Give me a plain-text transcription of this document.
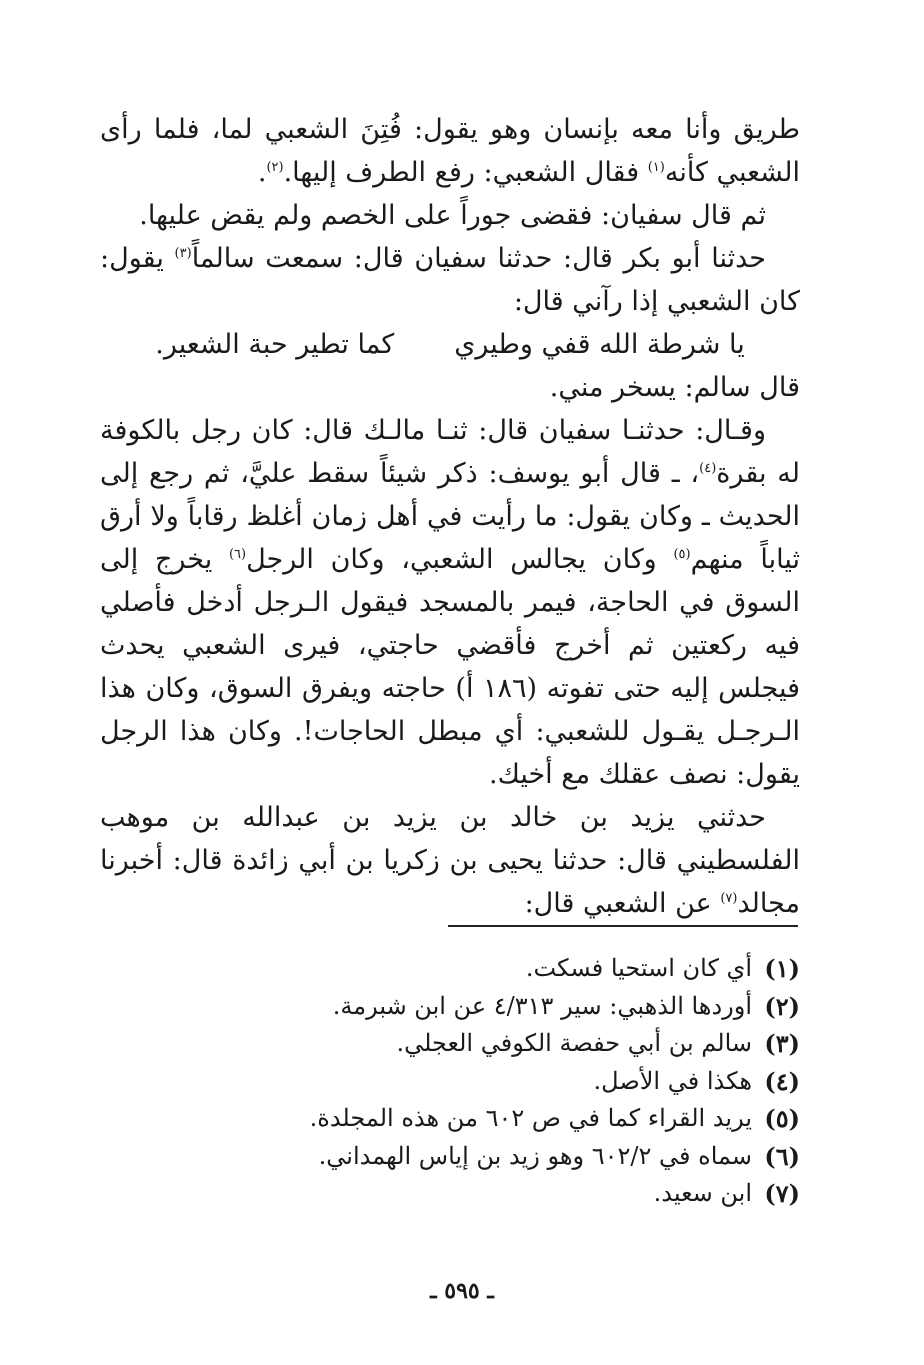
طريق وأنا معه بإنسان وهو يقول: فُتِنَ الشعبي لما، فلما رأى الشعبي كأنه$^{(١)}$ فقال الشعبي: رفع الطرف إليها.$^{(٢)}$.

ثم قال سفيان: فقضى جوراً على الخصم ولم يقض عليها.

حدثنا أبو بكر قال: حدثنا سفيان قال: سمعت سالماً$^{(٣)}$ يقول: كان الشعبي إذا رآني قال:

يا شرطة الله قفي وطيري
كما تطير حبة الشعير.

قال سالم: يسخر مني.

وقـال: حدثنـا سفيان قال: ثنـا مالـك قال: كان رجل بالكوفة له بقرة$^{(٤)}$، ـ قال أبو يوسف: ذكر شيئاً سقط عليَّ، ثم رجع إلى الحديث ـ وكان يقول: ما رأيت في أهل زمان أغلظ رقاباً ولا أرق ثياباً منهم$^{(٥)}$ وكان يجالس الشعبي، وكان الرجل$^{(٦)}$ يخرج إلى السوق في الحاجة، فيمر بالمسجد فيقول الـرجل أدخل فأصلي فيه ركعتين ثم أخرج فأقضي حاجتي، فيرى الشعبي يحدث فيجلس إليه حتى تفوته (١٨٦ أ) حاجته ويفرق السوق، وكان هذا الـرجـل يقـول للشعبي: أي مبطل الحاجات!. وكان هذا الرجل يقول: نصف عقلك مع أخيك.

حدثني يزيد بن خالد بن يزيد بن عبدالله بن موهب الفلسطيني قال: حدثنا يحيى بن زكريا بن أبي زائدة قال: أخبرنا مجالد$^{(٧)}$ عن الشعبي قال:

(١)
أي كان استحيا فسكت.

(٢)
أوردها الذهبي: سير ٤/٣١٣ عن ابن شبرمة.

(٣)
سالم بن أبي حفصة الكوفي العجلي.

(٤)
هكذا في الأصل.

(٥)
يريد القراء كما في ص ٦٠٢ من هذه المجلدة.

(٦)
سماه في ٦٠٢/٢ وهو زيد بن إياس الهمداني.

(٧)
ابن سعيد.

ـ ٥٩٥ ـ
